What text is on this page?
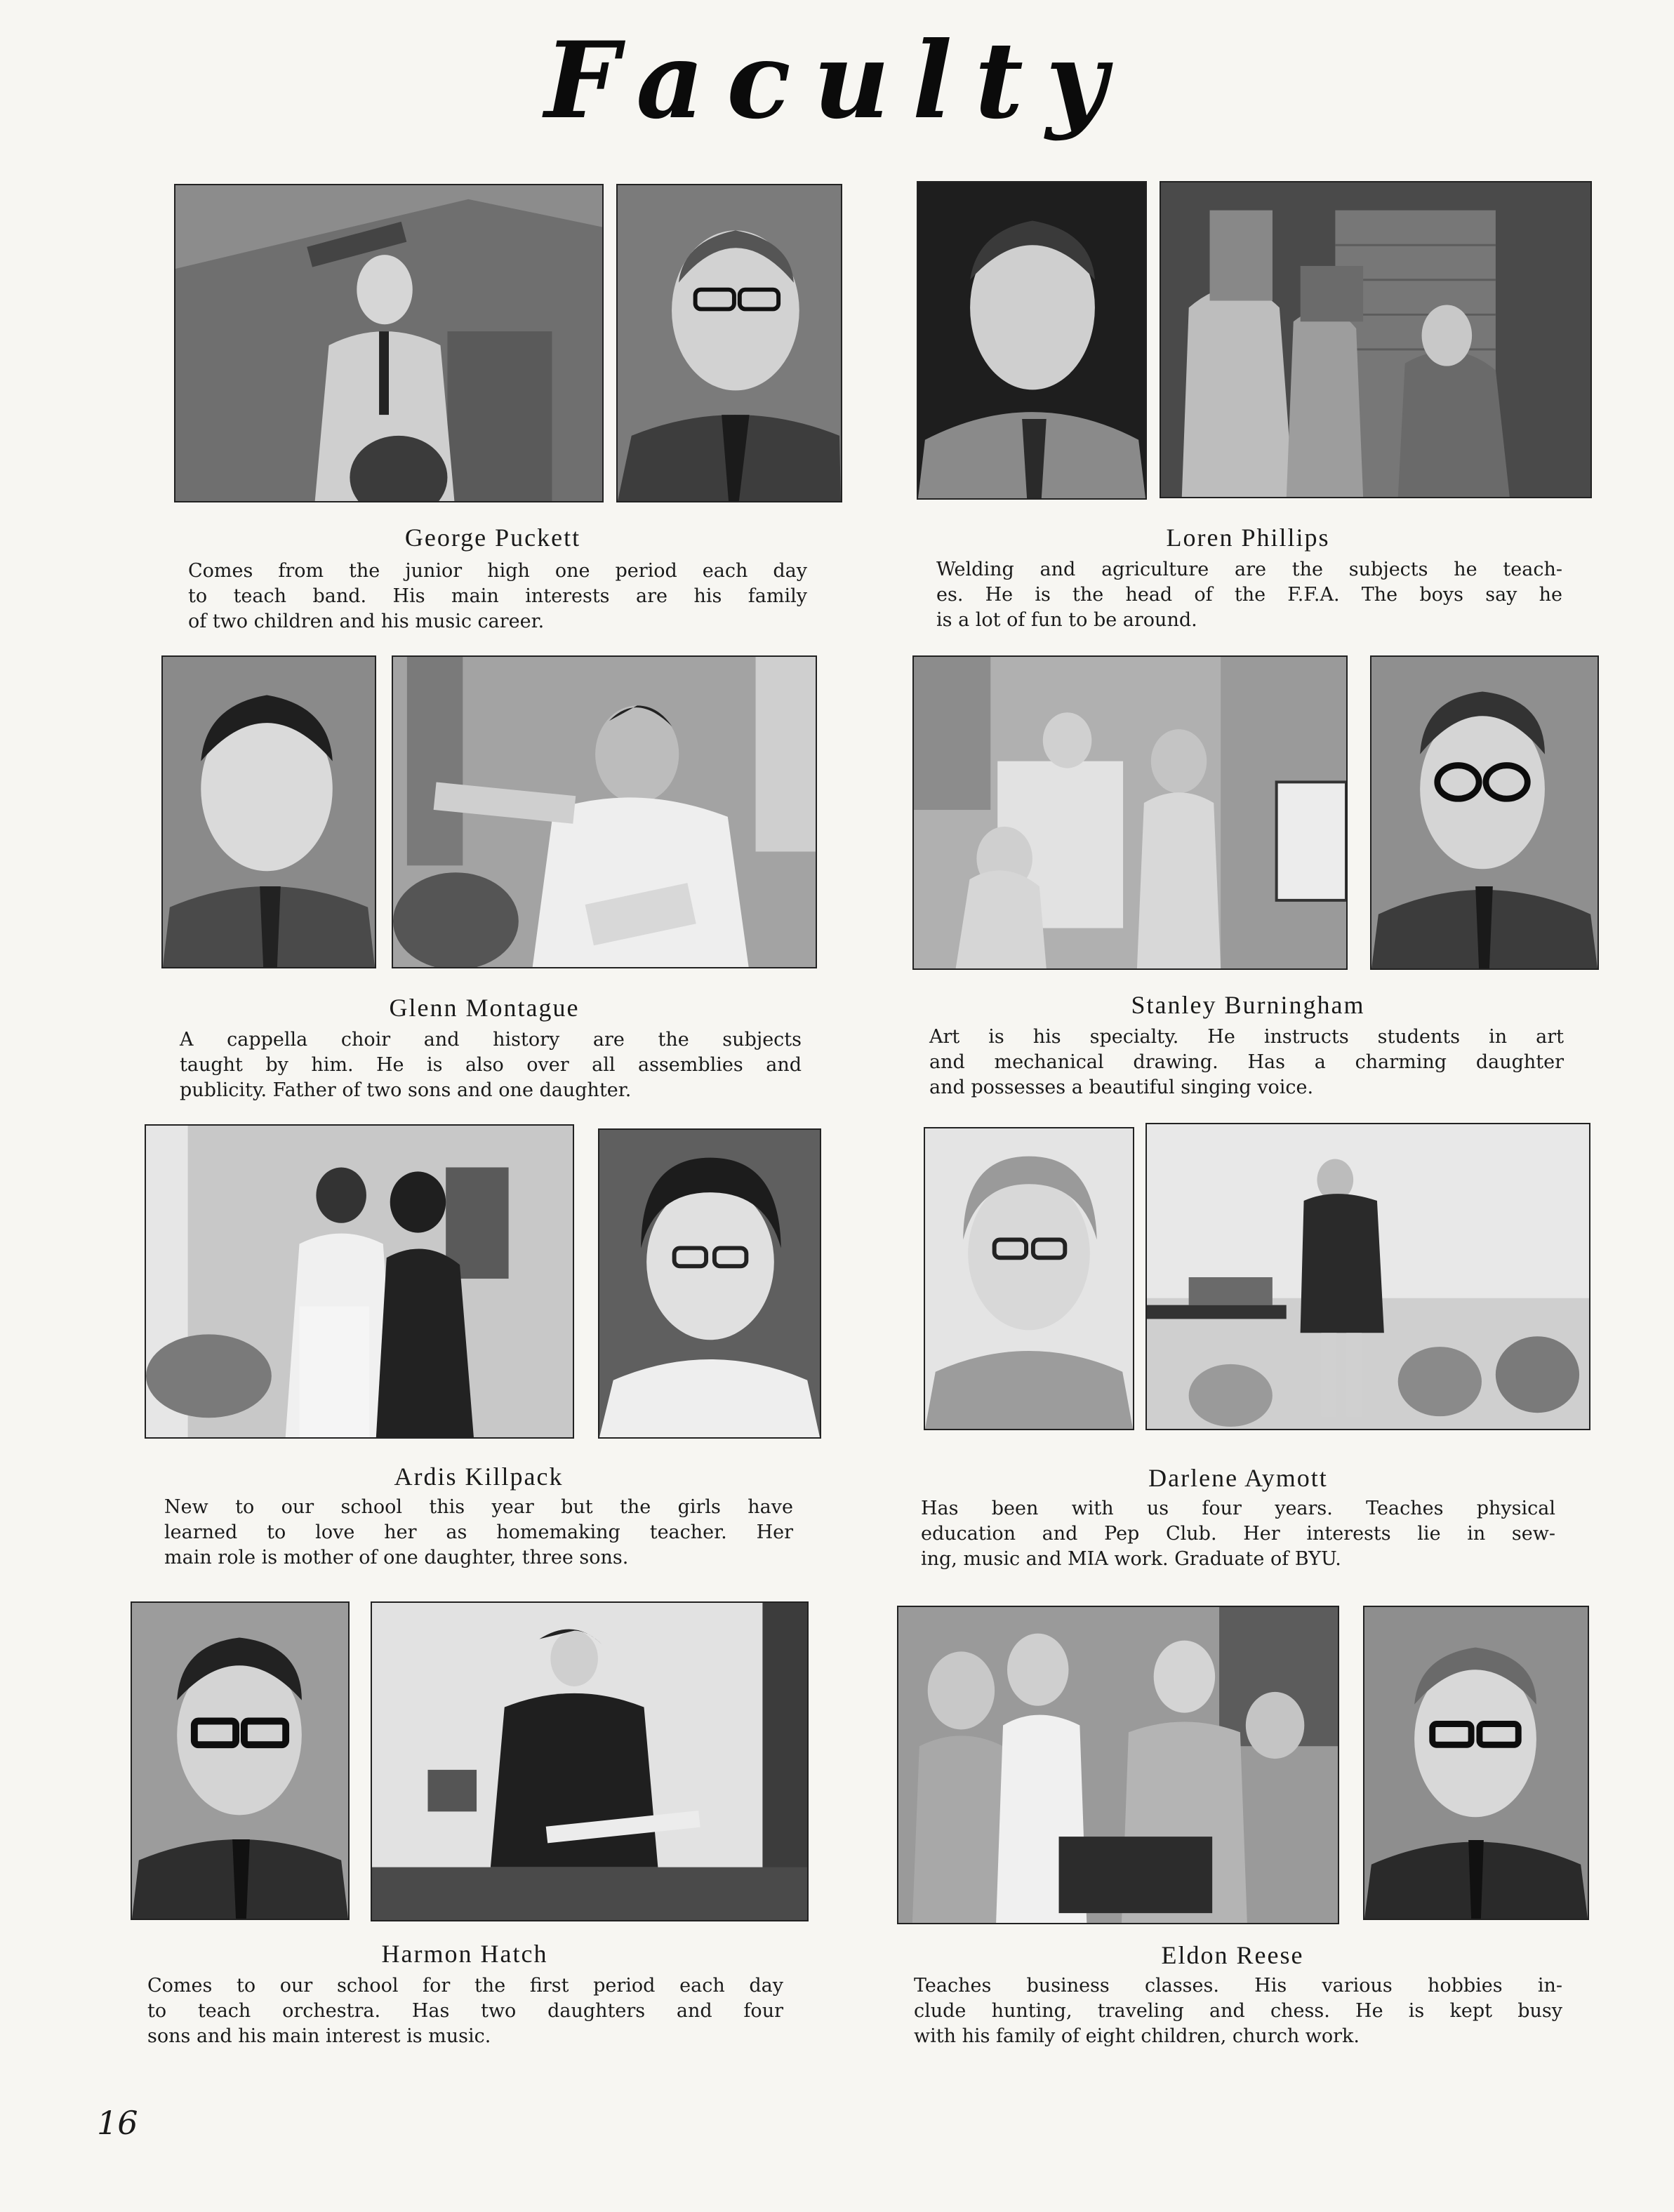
Faculty
George Puckett
Comes from the junior high one period each day
to teach band. His main interests are his family
of two children and his music career.
Loren Phillips
Welding and agriculture are the subjects he teach-
es. He is the head of the F.F.A. The boys say he
is a lot of fun to be around.
Glenn Montague
A cappella choir and history are the subjects
taught by him. He is also over all assemblies and
publicity. Father of two sons and one daughter.
Stanley Burningham
Art is his specialty. He instructs students in art
and mechanical drawing. Has a charming daughter
and possesses a beautiful singing voice.
Ardis Killpack
New to our school this year but the girls have
learned to love her as homemaking teacher. Her
main role is mother of one daughter, three sons.
Darlene Aymott
Has been with us four years. Teaches physical
education and Pep Club. Her interests lie in sew-
ing, music and MIA work. Graduate of BYU.
Harmon Hatch
Comes to our school for the first period each day
to teach orchestra. Has two daughters and four
sons and his main interest is music.
Eldon Reese
Teaches business classes. His various hobbies in-
clude hunting, traveling and chess. He is kept busy
with his family of eight children, church work.
16
